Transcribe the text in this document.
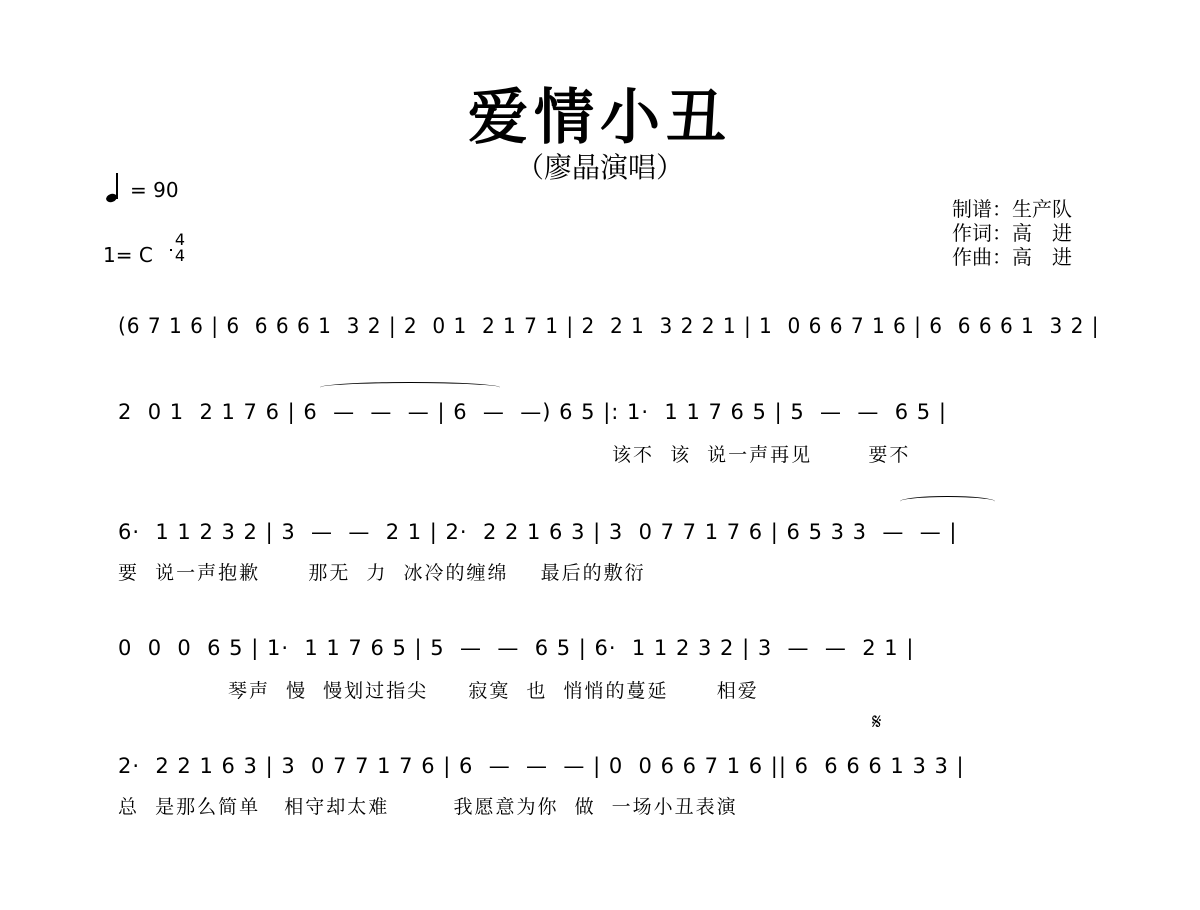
爱情小丑
（廖晶演唱）
= 90
1= C
4
4
制谱：生产队
作词：高　进
作曲：高　进
𝄋
(6 7 1 6 | 6  6 6 6 1  3 2 | 2  0 1  2 1 7 1 | 2  2 1  3 2 2 1 | 1  0 6 6 7 1 6 | 6  6 6 6 1  3 2 |
2  0 1  2 1 7 6 | 6  —  —  — | 6  —  —) 6 5 |: 1·  1 1 7 6 5 | 5  —  —  6 5 |
该不  该  说一声再见       要不
6·  1 1 2 3 2 | 3  —  —  2 1 | 2·  2 2 1 6 3 | 3  0 7 7 1 7 6 | 6 5 3 3  —  — |
要  说一声抱歉      那无  力  冰冷的缠绵    最后的敷衍
0  0  0  6 5 | 1·  1 1 7 6 5 | 5  —  —  6 5 | 6·  1 1 2 3 2 | 3  —  —  2 1 |
琴声  慢  慢划过指尖     寂寞  也  悄悄的蔓延      相爱
2·  2 2 1 6 3 | 3  0 7 7 1 7 6 | 6  —  —  — | 0  0 6 6 7 1 6 || 6  6 6 6 1 3 3 |
总  是那么简单   相守却太难        我愿意为你  做  一场小丑表演
